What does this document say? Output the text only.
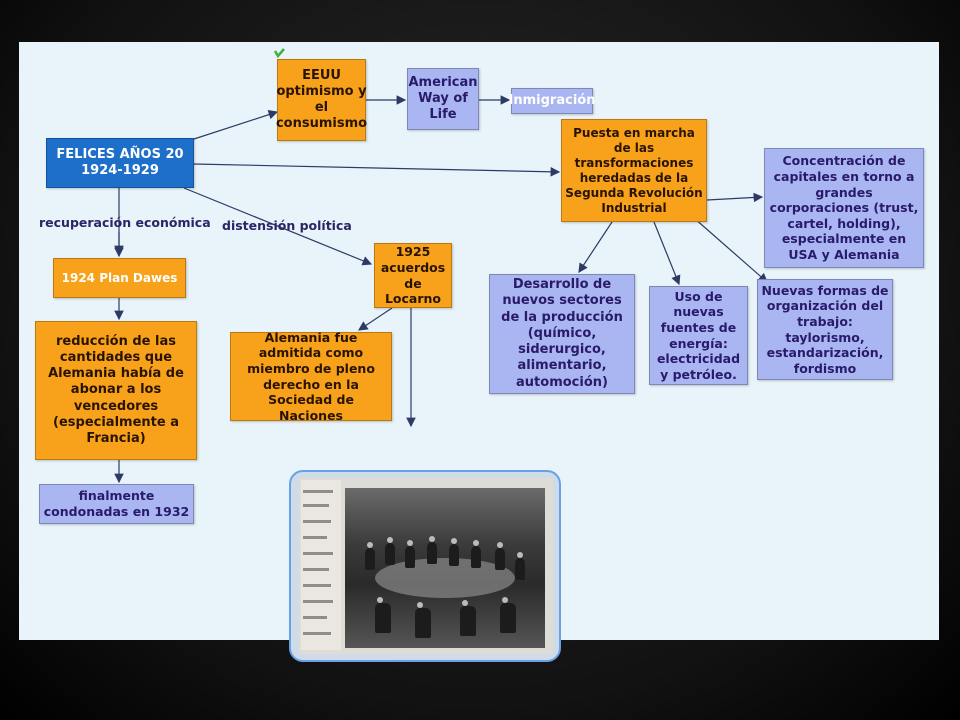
EEUU optimismo y el consumismo
American Way of Life
Inmigración
FELICES AÑOS 20
1924-1929
Puesta en marcha de las transformaciones heredadas de la Segunda Revolución Industrial
Concentración de capitales en torno a grandes corporaciones (trust, cartel, holding), especialmente en USA y Alemania
recuperación económica distensión política
1924 Plan Dawes
1925 acuerdos de Locarno
reducción de las cantidades que Alemania había de abonar a los vencedores (especialmente a Francia)
Alemania fue admitida como miembro de pleno derecho en la Sociedad de Naciones
finalmente condonadas en 1932
Desarrollo de nuevos sectores de la producción (químico, siderurgico, alimentario, automoción)
Uso de nuevas fuentes de energía: electricidad y petróleo.
Nuevas formas de organización del trabajo: taylorismo, estandarización, fordismo
